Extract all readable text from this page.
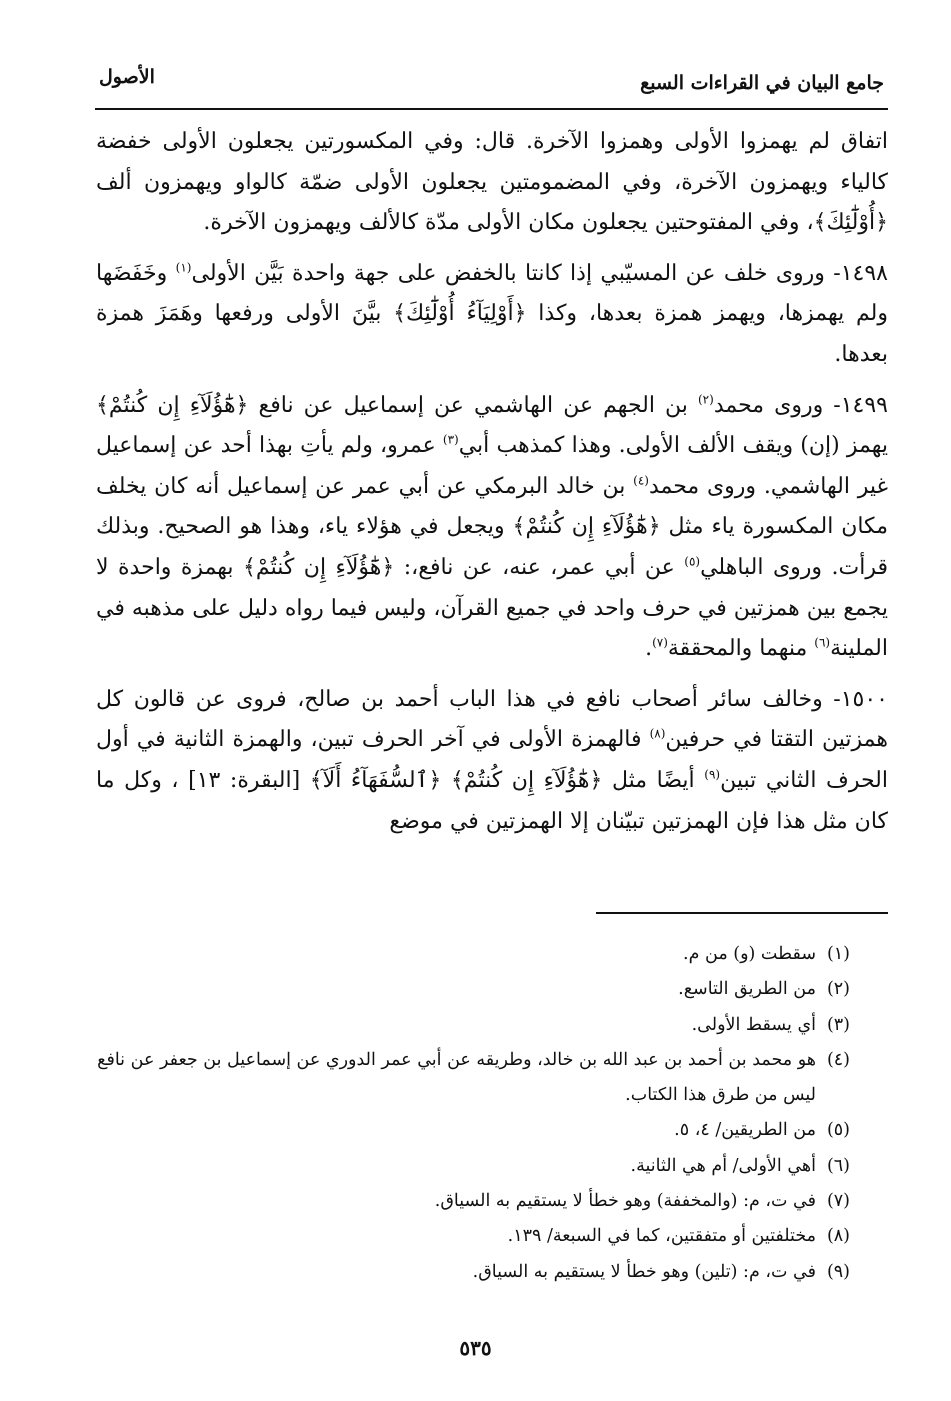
جامع البيان في القراءات السبع
الأصول

اتفاق لم يهمزوا الأولى وهمزوا الآخرة. قال: وفي المكسورتين يجعلون الأولى خفضة كالياء ويهمزون الآخرة، وفي المضمومتين يجعلون الأولى ضمّة كالواو ويهمزون ألف ﴿أُوْلَٰٓئِكَ﴾، وفي المفتوحتين يجعلون مكان الأولى مدّة كالألف ويهمزون الآخرة.

١٤٩٨- وروى خلف عن المسيّبي إذا كانتا بالخفض على جهة واحدة بَيَّن الأولى$^{(١)}$ وخَفَضَها ولم يهمزها، ويهمز همزة بعدها، وكذا ﴿أَوْلِيَآءُ أُوْلَٰٓئِكَ﴾ بيَّنَ الأولى ورفعها وهَمَزَ همزة بعدها.

١٤٩٩- وروى محمد$^{(٢)}$ بن الجهم عن الهاشمي عن إسماعيل عن نافع ﴿هَٰٓؤُلَآءِ إِن كُنتُمْ﴾ يهمز (إن) ويقف الألف الأولى. وهذا كمذهب أبي$^{(٣)}$ عمرو، ولم يأتِ بهذا أحد عن إسماعيل غير الهاشمي. وروى محمد$^{(٤)}$ بن خالد البرمكي عن أبي عمر عن إسماعيل أنه كان يخلف مكان المكسورة ياء مثل ﴿هَٰٓؤُلَآءِ إِن كُنتُمْ﴾ ويجعل في هؤلاء ياء، وهذا هو الصحيح. وبذلك قرأت. وروى الباهلي$^{(٥)}$ عن أبي عمر، عنه، عن نافع،: ﴿هَٰٓؤُلَآءِ إِن كُنتُمْ﴾ بهمزة واحدة لا يجمع بين همزتين في حرف واحد في جميع القرآن، وليس فيما رواه دليل على مذهبه في الملينة$^{(٦)}$ منهما والمحققة$^{(٧)}$.

١٥٠٠- وخالف سائر أصحاب نافع في هذا الباب أحمد بن صالح، فروى عن قالون كل همزتين التقتا في حرفين$^{(٨)}$ فالهمزة الأولى في آخر الحرف تبين، والهمزة الثانية في أول الحرف الثاني تبين$^{(٩)}$ أيضًا مثل ﴿هَٰٓؤُلَآءِ إِن كُنتُمْ﴾ ﴿ٱلسُّفَهَآءُ أَلَآ﴾ [البقرة: ١٣] ، وكل ما كان مثل هذا فإن الهمزتين تبيّنان إلا الهمزتين في موضع

(١)
سقطت (و) من م.
(٢)
من الطريق التاسع.
(٣)
أي يسقط الأولى.
(٤)
هو محمد بن أحمد بن عبد الله بن خالد، وطريقه عن أبي عمر الدوري عن إسماعيل بن جعفر عن نافع ليس من طرق هذا الكتاب.
(٥)
من الطريقين/ ٤، ٥.
(٦)
أهي الأولى/ أم هي الثانية.
(٧)
في ت، م: (والمخففة) وهو خطأ لا يستقيم به السياق.
(٨)
مختلفتين أو متفقتين، كما في السبعة/ ١٣٩.
(٩)
في ت، م: (تلين) وهو خطأ لا يستقيم به السياق.
٥٣٥
